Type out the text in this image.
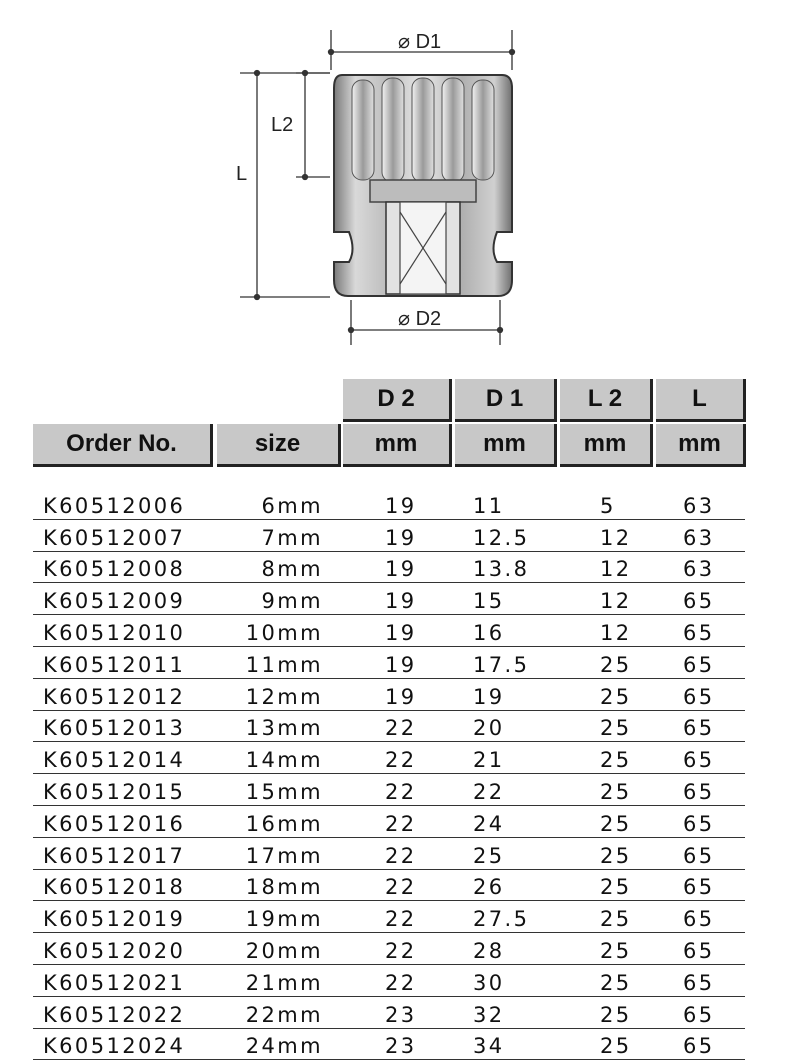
⌀ D1
⌀ D2
L2
L
D 2	D 1	L 2	L
Order No.	size	mm	mm	mm	mm
K60512006	6mm	19	11	5	63
K60512007	7mm	19	12.5	12 63
K60512008	8mm	19	13.8	12 63
K60512009	9mm	19	15	12 65
K60512010	10mm	19	16	12 65
K60512011	11mm	19	17.5	25 65
K60512012	12mm	19	19	25 65
K60512013	13mm	22	20	25 65
K60512014	14mm	22	21	25 65
K60512015	15mm	22	22	25 65
K60512016	16mm	22	24	25 65
K60512017	17mm	22	25	25 65
K60512018	18mm	22	26	25 65
K60512019	19mm	22	27.5	25 65
K60512020	20mm	22	28	25 65
K60512021	21mm	22	30	25 65
K60512022	22mm	23	32	25 65
K60512024	24mm	23	34	25 65
